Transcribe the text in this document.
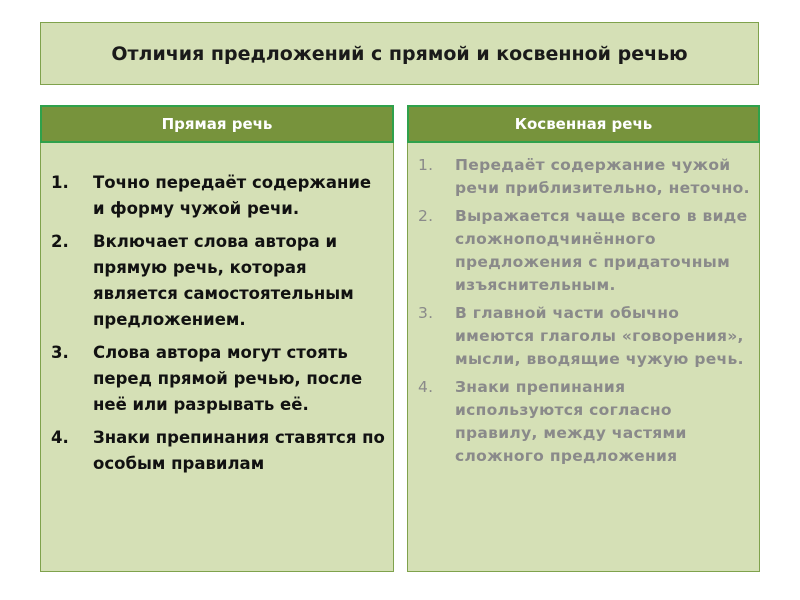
Отличия предложений с прямой и косвенной речью
Прямая речь	Косвенная речь
1. Точно передаёт содержание и форму чужой речи.
2. Включает слова автора и прямую речь, которая является самостоятельным предложением.
3. Слова автора могут стоять перед прямой речью, после неё или разрывать её.
4. Знаки препинания ставятся по особым правилам
1. Передаёт содержание чужой речи приблизительно, неточно.
2. Выражается чаще всего в виде сложноподчинённого предложения с придаточным изъяснительным.
3. В главной части обычно имеются глаголы «говорения», мысли, вводящие чужую речь.
4. Знаки препинания используются согласно правилу, между частями сложного предложения
